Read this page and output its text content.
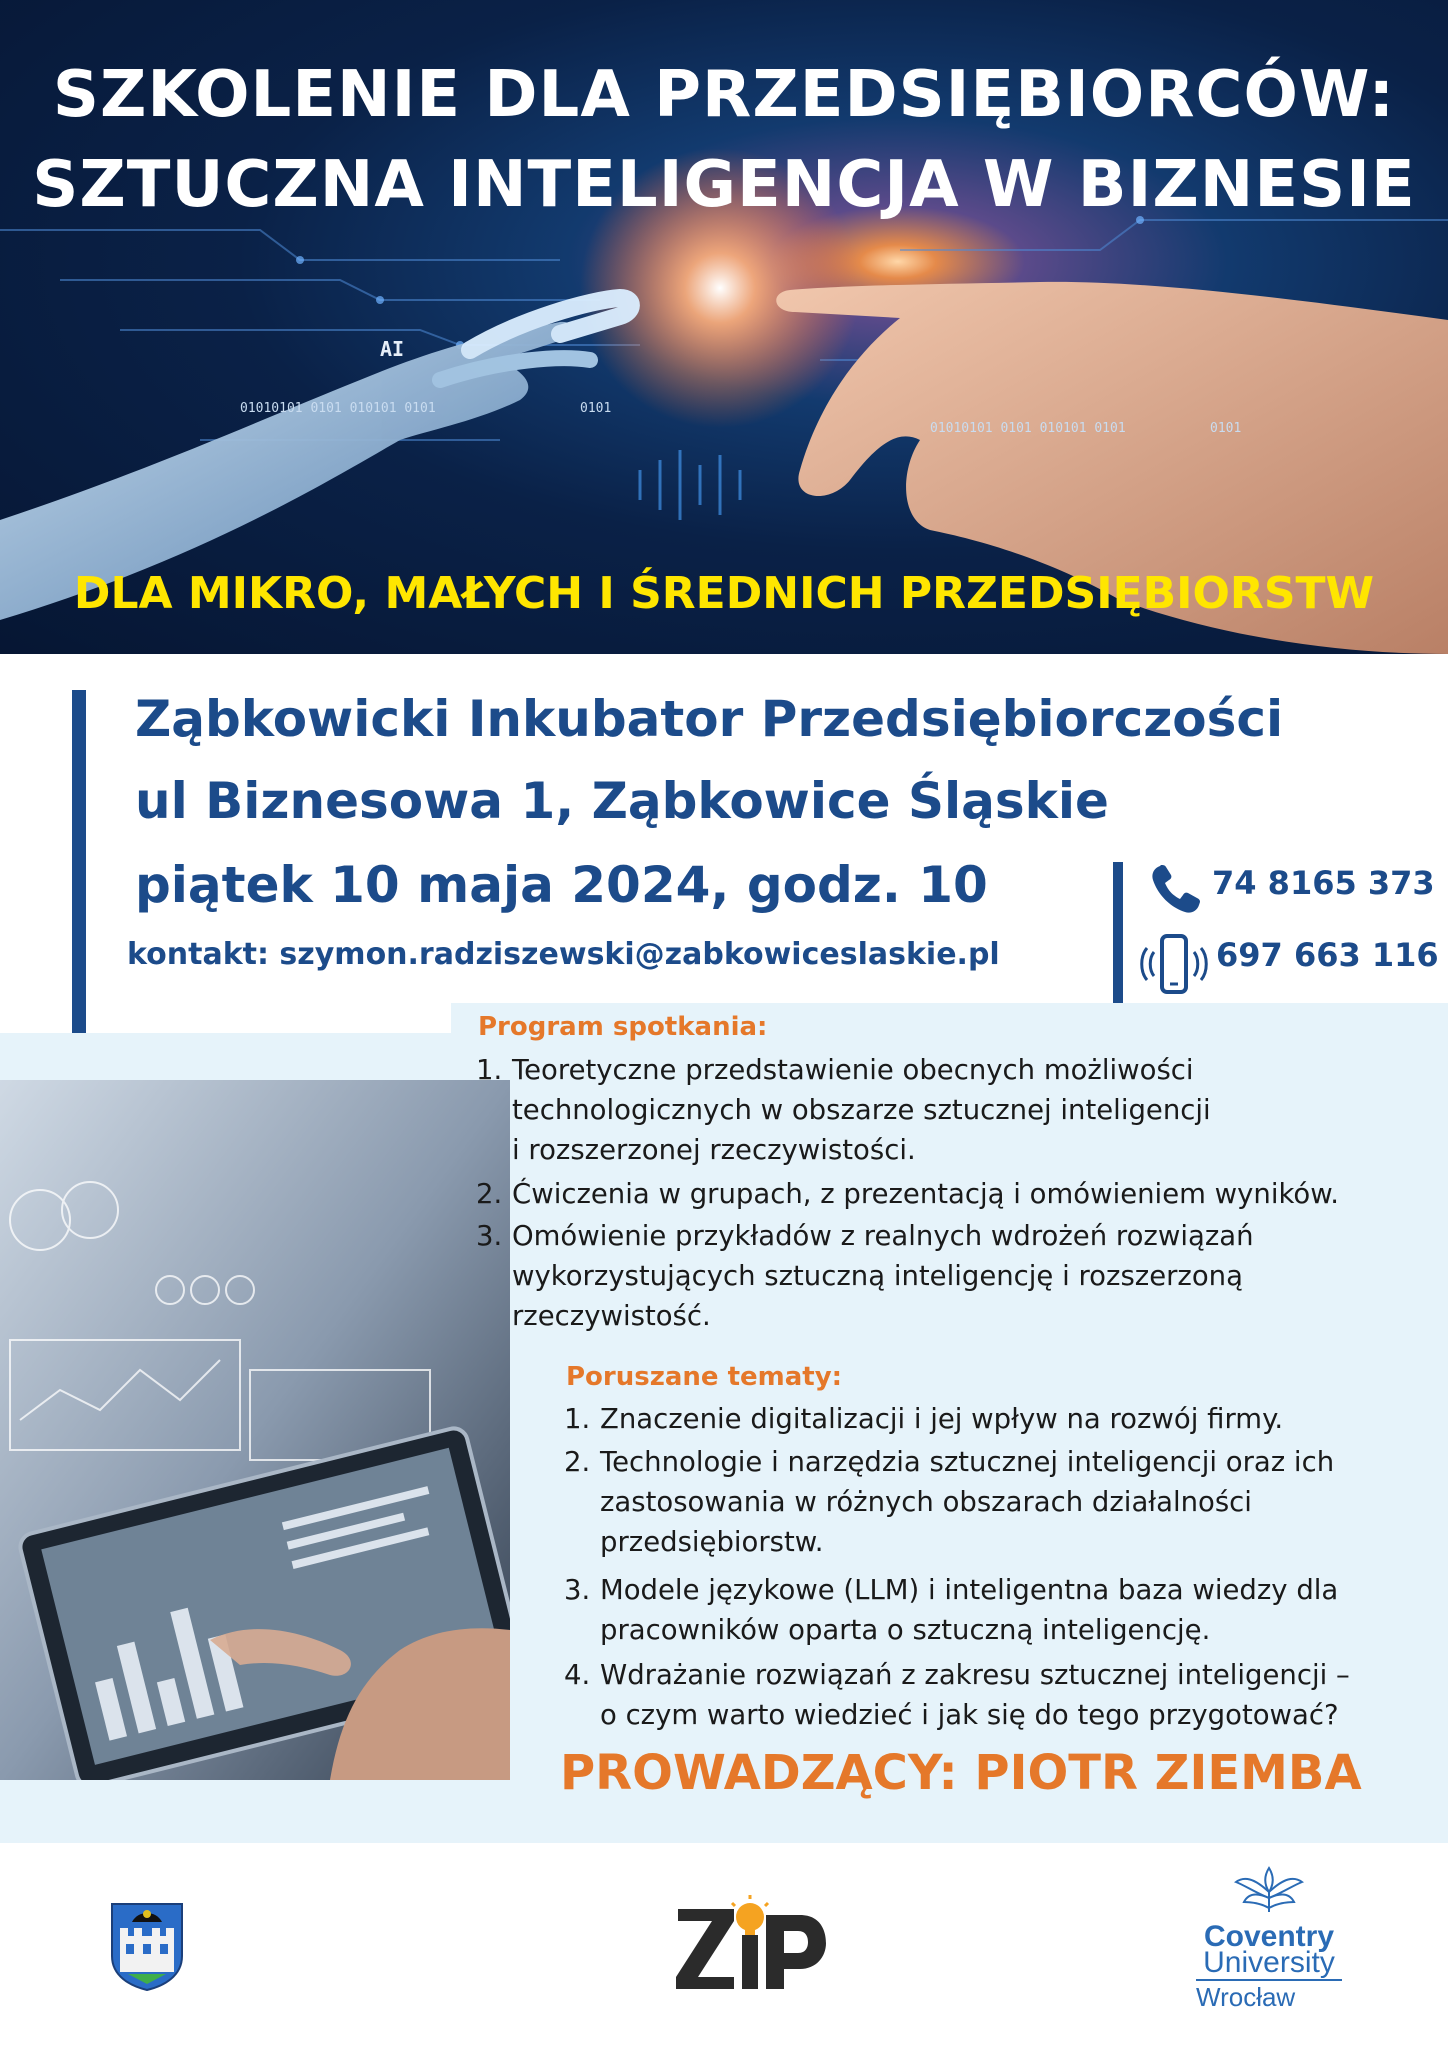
AI
01010101 0101 010101 0101	0101
01010101 0101 010101 0101	0101
SZKOLENIE DLA PRZEDSIĘBIORCÓW:
SZTUCZNA INTELIGENCJA W BIZNESIE
DLA MIKRO, MAŁYCH I ŚREDNICH PRZEDSIĘBIORSTW
Ząbkowicki Inkubator Przedsiębiorczości
ul Biznesowa 1, Ząbkowice Śląskie
piątek 10 maja 2024, godz. 10
kontakt: szymon.radziszewski@zabkowiceslaskie.pl
74 8165 373
697 663 116
Program spotkania:
1. Teoretyczne przedstawienie obecnych możliwości
technologicznych w obszarze sztucznej inteligencji
i rozszerzonej rzeczywistości.
2. Ćwiczenia w grupach, z prezentacją i omówieniem wyników.
3. Omówienie przykładów z realnych wdrożeń rozwiązań
wykorzystujących sztuczną inteligencję i rozszerzoną
rzeczywistość.
Poruszane tematy:
1. Znaczenie digitalizacji i jej wpływ na rozwój firmy.
2. Technologie i narzędzia sztucznej inteligencji oraz ich
zastosowania w różnych obszarach działalności
przedsiębiorstw.
3. Modele językowe (LLM) i inteligentna baza wiedzy dla
pracowników oparta o sztuczną inteligencję.
4. Wdrażanie rozwiązań z zakresu sztucznej inteligencji –
o czym warto wiedzieć i jak się do tego przygotować?
PROWADZĄCY: PIOTR ZIEMBA
Coventry
University
Wrocław
